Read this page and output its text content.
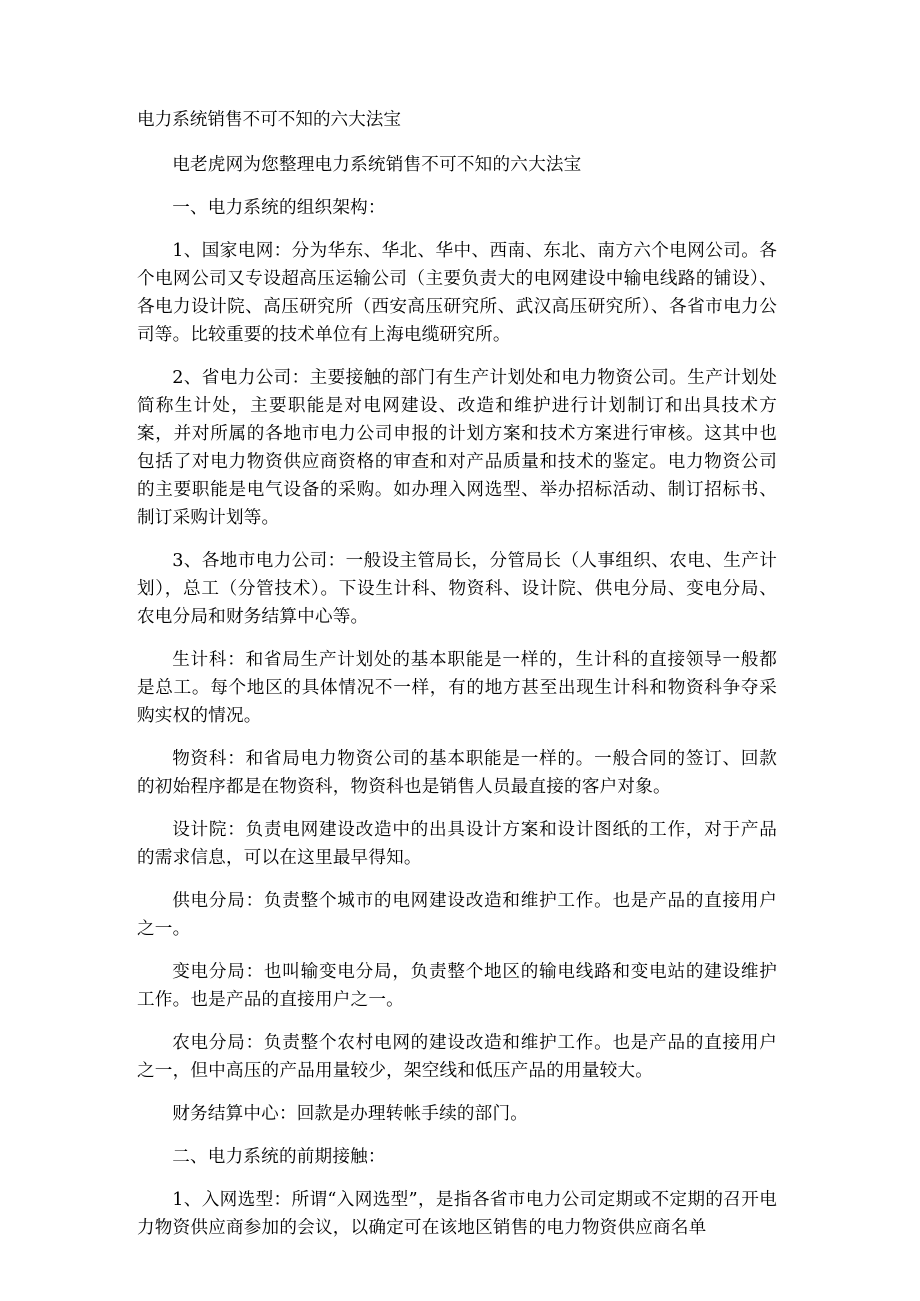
电力系统销售不可不知的六大法宝

电老虎网为您整理电力系统销售不可不知的六大法宝

一、电力系统的组织架构：

1、国家电网：分为华东、华北、华中、西南、东北、南方六个电网公司。各个电网公司又专设超高压运输公司（主要负责大的电网建设中输电线路的铺设）、各电力设计院、高压研究所（西安高压研究所、武汉高压研究所）、各省市电力公司等。比较重要的技术单位有上海电缆研究所。

2、省电力公司：主要接触的部门有生产计划处和电力物资公司。生产计划处简称生计处，主要职能是对电网建设、改造和维护进行计划制订和出具技术方案，并对所属的各地市电力公司申报的计划方案和技术方案进行审核。这其中也包括了对电力物资供应商资格的审查和对产品质量和技术的鉴定。电力物资公司的主要职能是电气设备的采购。如办理入网选型、举办招标活动、制订招标书、制订采购计划等。

3、各地市电力公司：一般设主管局长，分管局长（人事组织、农电、生产计划），总工（分管技术）。下设生计科、物资科、设计院、供电分局、变电分局、农电分局和财务结算中心等。

生计科：和省局生产计划处的基本职能是一样的，生计科的直接领导一般都是总工。每个地区的具体情况不一样，有的地方甚至出现生计科和物资科争夺采购实权的情况。

物资科：和省局电力物资公司的基本职能是一样的。一般合同的签订、回款的初始程序都是在物资科，物资科也是销售人员最直接的客户对象。

设计院：负责电网建设改造中的出具设计方案和设计图纸的工作，对于产品的需求信息，可以在这里最早得知。

供电分局：负责整个城市的电网建设改造和维护工作。也是产品的直接用户之一。

变电分局：也叫输变电分局，负责整个地区的输电线路和变电站的建设维护工作。也是产品的直接用户之一。

农电分局：负责整个农村电网的建设改造和维护工作。也是产品的直接用户之一，但中高压的产品用量较少，架空线和低压产品的用量较大。

财务结算中心：回款是办理转帐手续的部门。

二、电力系统的前期接触：

1、入网选型：所谓“入网选型”，是指各省市电力公司定期或不定期的召开电力物资供应商参加的会议，以确定可在该地区销售的电力物资供应商名单
